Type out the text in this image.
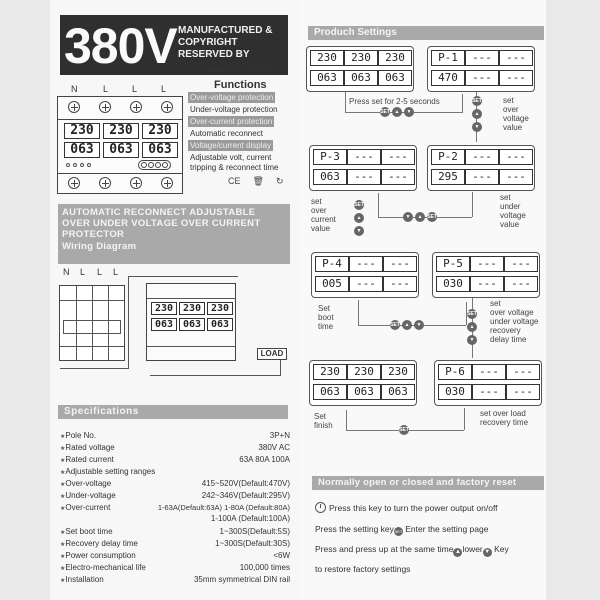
380V MANUFACTURED &
COPYRIGHT
RESERVED BY
Model AVP-100/80/63
N	L	L	L
230	230	230
063	063	063
Functions
Over-voltage protection
Under-voltage protection
Over-current protection
Automatic reconnect
Voltage/current display
Adjustable volt, current
tripping & reconnect time
CE 🗑 ↻
AUTOMATIC RECONNECT ADJUSTABLE
OVER UNDER VOLTAGE OVER CURRENT
PROTECTOR
Wiring Diagram
N L L L
230 230 230
063 063 063
LOAD
Specifications
★ Pole No.	3P+N
★ Rated voltage	380V AC
★ Rated current	63A 80A 100A
★ Adjustable setting ranges
★ Over-voltage	415~520V(Default:470V)
★ Under-voltage	242~346V(Default:295V)
★ Over-current	1-63A(Default:63A) 1-80A (Default:80A)
1-100A (Default:100A)
★ Set boot time	1~300S(Default:5S)
★ Recovery delay time	1~300S(Default:30S)
★ Power consumption	<6W
★ Electro-mechanical life	100,000 times
★ Installation	35mm symmetrical DIN rail
Produch Settings
230	230	230
063	063	063
Press set for 2-5 seconds
SET ▲	▼
P-1	---	---
470	---	---
SET
▲
▼
set
over
voltage
value
P-3	---	---
063	---	---
set
over
current
value
SET
▲
▼
▼	▲ SET
P-2	---	---
295	---	---
set
under
voltage
value
P-4	---	---
005	---	---
Set
boot
time	SET ▲	▼
P-5	---	---
030	---	---
SET
▲
▼
set
over voltage
under voltage
recovery
delay time
230	230	230
063	063	063
Set
finish	SET
P-6	---	---
030	---	---
set over load
recovery time
Normally open or closed and factory reset
Press this key to turn the power output on/off
Press the setting keySET Enter the setting page
Press and press up at the same time ▲ lower ▼ Key
to restore factory settings
